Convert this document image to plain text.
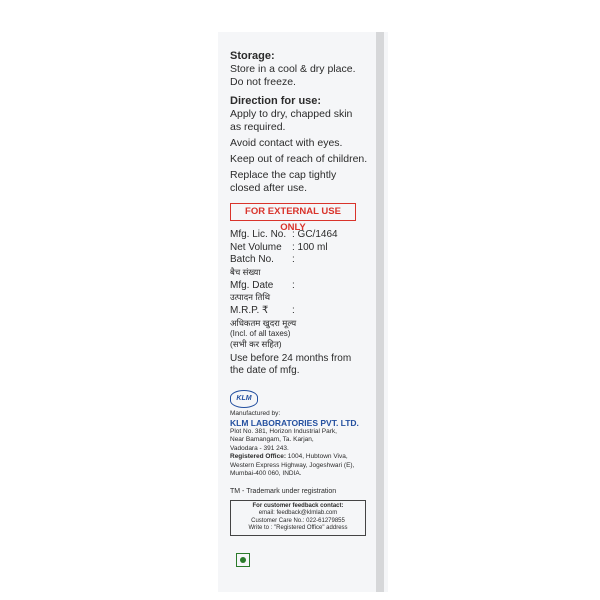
Storage:

Store in a cool & dry place.

Do not freeze.

Direction for use:

Apply to dry, chapped skin

as required.

Avoid contact with eyes.

Keep out of reach of children.

Replace the cap tightly

closed after use.

FOR EXTERNAL USE ONLY
Mfg. Lic. No. : GC/1464
Net Volume : 100 ml
Batch No. :
बैच संख्या
Mfg. Date :
उत्पादन तिथि
M.R.P. ₹ :
अधिकतम खुदरा मूल्य
(Incl. of all taxes)
(सभी कर सहित)
Use before 24 months from
the date of mfg.
KLM
Manufactured by:
KLM LABORATORIES PVT. LTD.
Plot No. 381, Horizon Industrial Park,
Near Bamangam, Ta. Karjan,
Vadodara - 391 243.
Registered Office: 1004, Hubtown Viva,
Western Express Highway, Jogeshwari (E),
Mumbai-400 060, INDIA.
TM - Trademark under registration
For customer feedback contact:
email: feedback@klmlab.com
Customer Care No.: 022-61279855
Write to : "Registered Office" address
